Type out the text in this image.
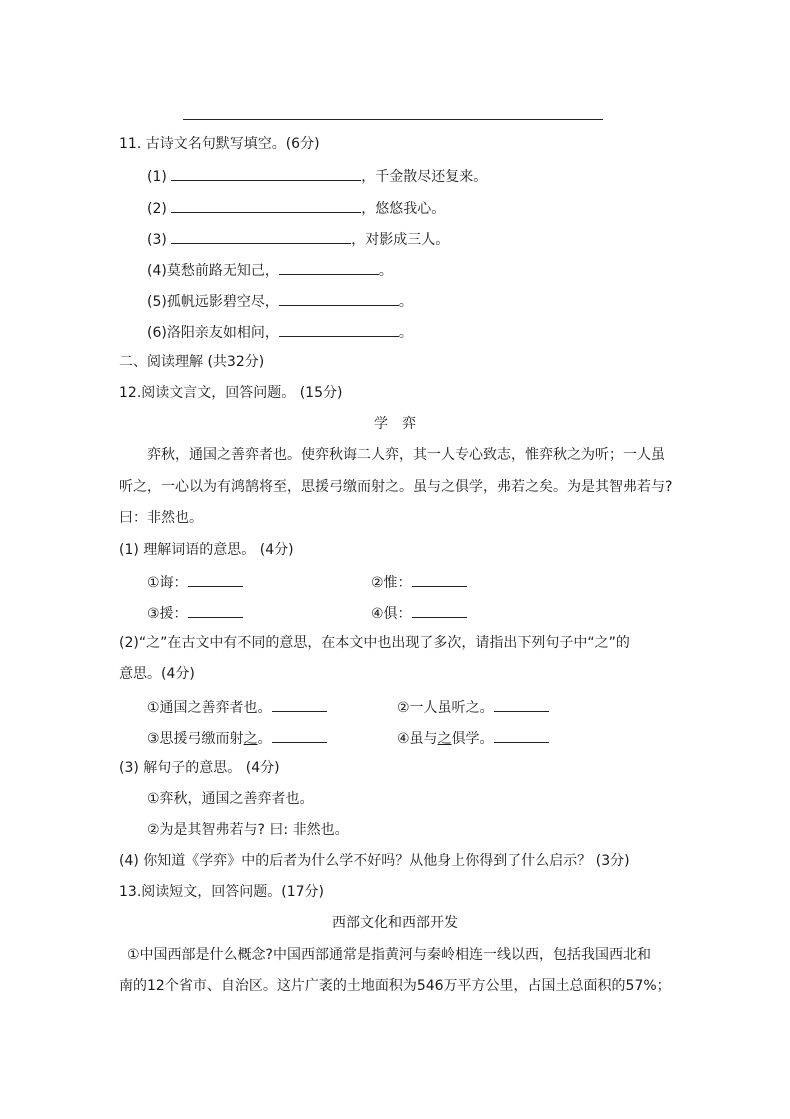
11. 古诗文名句默写填空。(6分)
(1)	，千金散尽还复来。
(2)	，悠悠我心。
(3)	，对影成三人。
(4)莫愁前路无知己，	。
(5)孤帆远影碧空尽，	。
(6)洛阳亲友如相问，	。
二、阅读理解 (共32分)
12.阅读文言文，回答问题。 (15分)
学　弈
弈秋，通国之善弈者也。使弈秋诲二人弈，其一人专心致志，惟弈秋之为听；一人虽
听之，一心以为有鸿鹄将至，思援弓缴而射之。虽与之俱学，弗若之矣。为是其智弗若与?
曰：非然也。
(1) 理解词语的意思。 (4分)
①诲：	②惟：
③援：	④俱：
(2)“之”在古文中有不同的意思，在本文中也出现了多次，请指出下列句子中“之”的
意思。(4分)
①通国之善弈者也。	②一人虽听之。
③思援弓缴而射之。	④虽与之俱学。
(3) 解句子的意思。 (4分)
①弈秋，通国之善弈者也。
②为是其智弗若与? 曰: 非然也。
(4) 你知道《学弈》中的后者为什么学不好吗？从他身上你得到了什么启示？ (3分)
13.阅读短文，回答问题。(17分)
西部文化和西部开发
①中国西部是什么概念?中国西部通常是指黄河与秦岭相连一线以西，包括我国西北和
南的12个省市、自治区。这片广袤的土地面积为546万平方公里，占国土总面积的57%；
